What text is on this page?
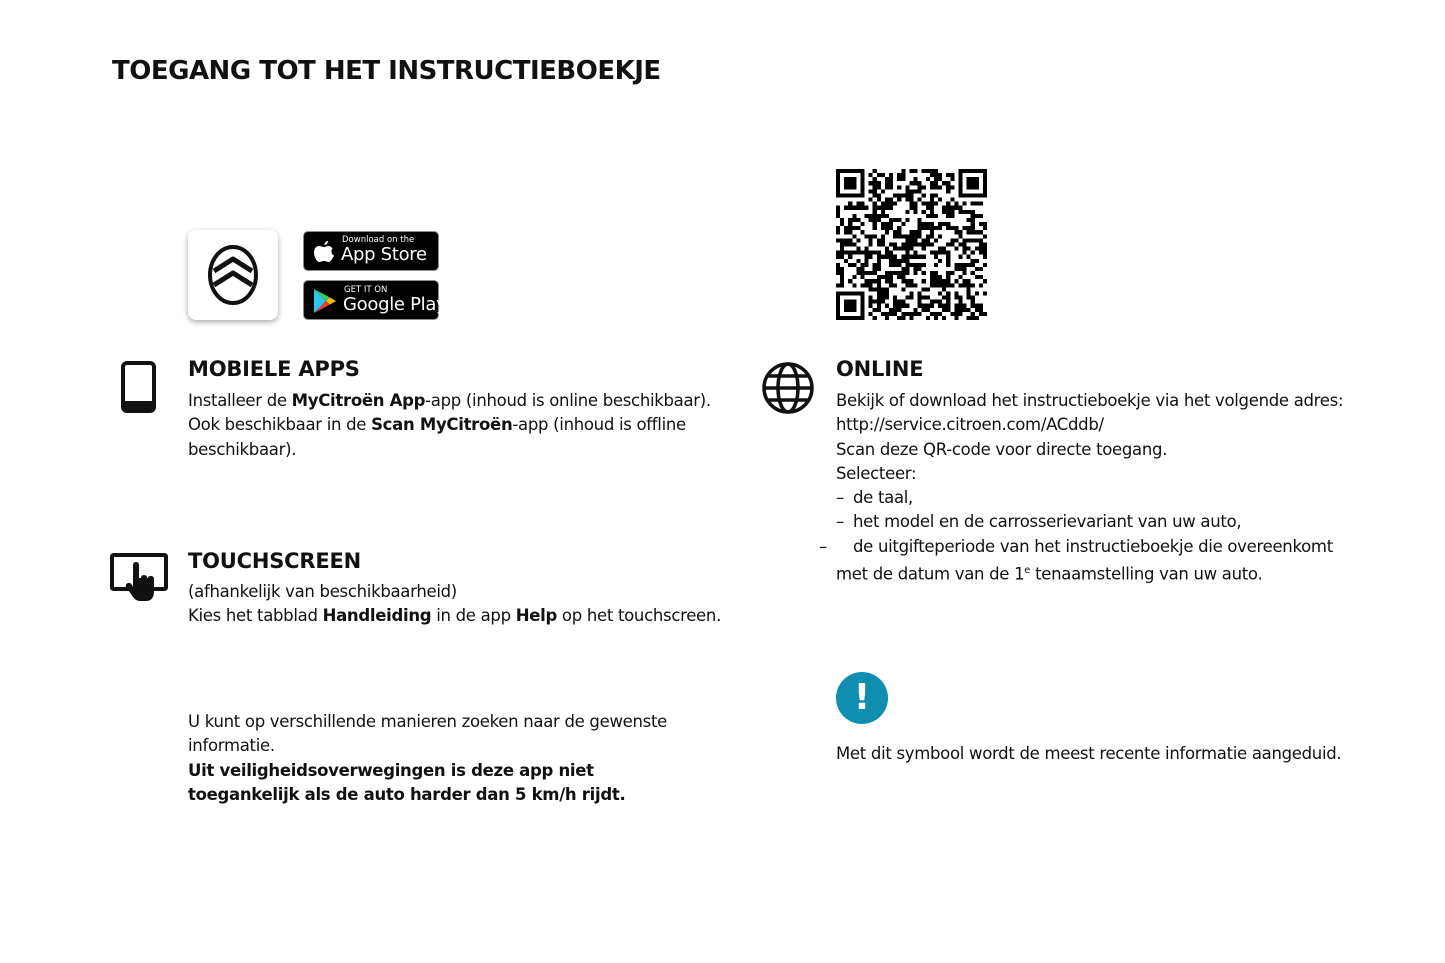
TOEGANG TOT HET INSTRUCTIEBOEKJE
Download on the
App Store
GET IT ON
Google Play
MOBIELE APPS
Installeer de MyCitroën App-app (inhoud is online beschikbaar).
Ook beschikbaar in de Scan MyCitroën-app (inhoud is offline beschikbaar).
TOUCHSCREEN
(afhankelijk van beschikbaarheid)
Kies het tabblad Handleiding in de app Help op het touchscreen.
U kunt op verschillende manieren zoeken naar de gewenste informatie.
Uit veiligheidsoverwegingen is deze app niet toegankelijk als de auto harder dan 5 km/h rijdt.
ONLINE
Bekijk of download het instructieboekje via het volgende adres:
http://service.citroen.com/ACddb/
Scan deze QR-code voor directe toegang.
Selecteer:
– de taal,
– het model en de carrosserievariant van uw auto,
– de uitgifteperiode van het instructieboekje die overeenkomt met de datum van de 1e tenaamstelling van uw auto.
!
Met dit symbool wordt de meest recente informatie aangeduid.
